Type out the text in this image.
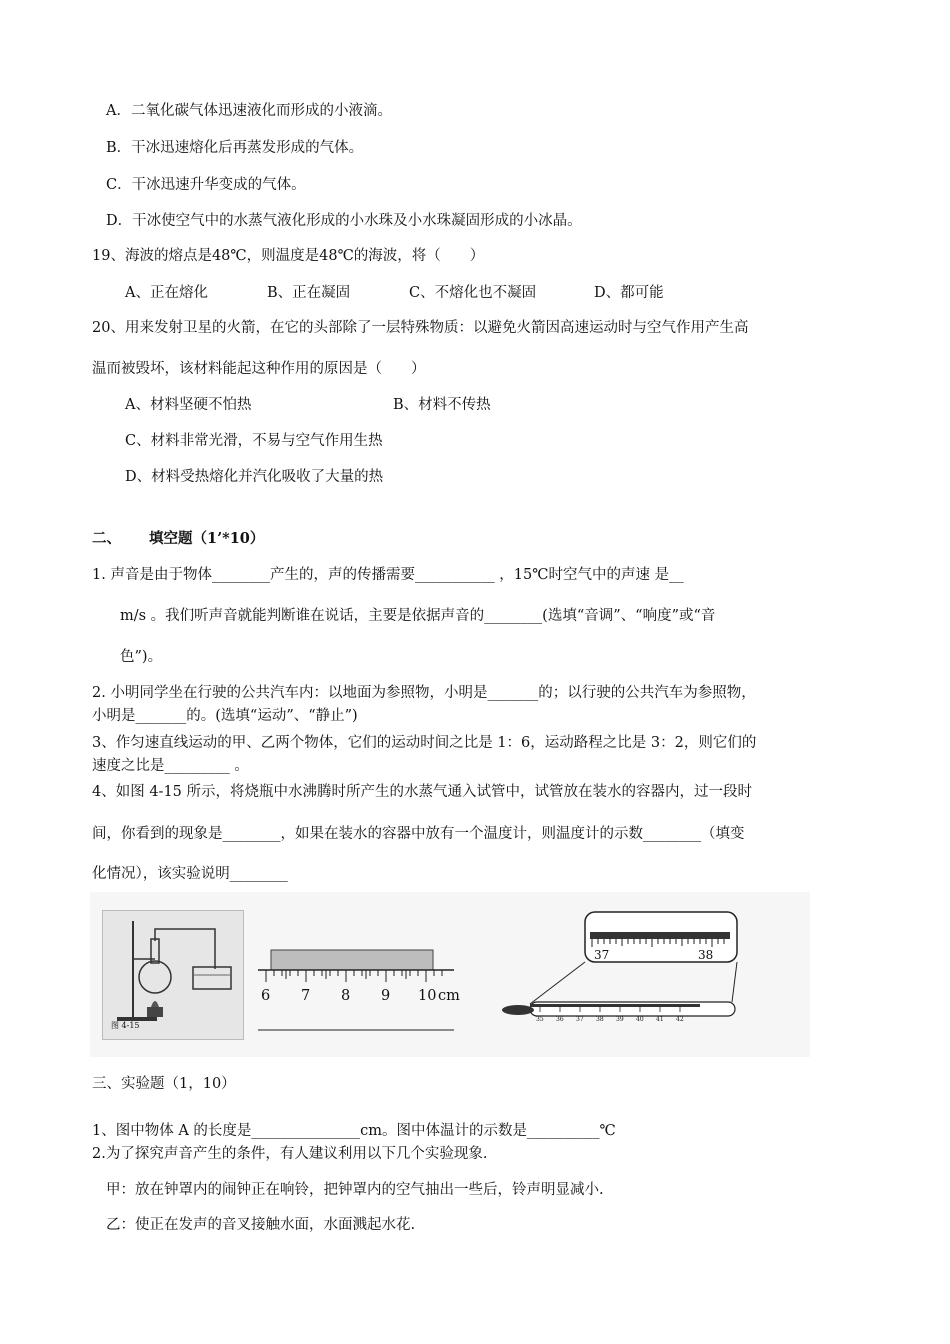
A．二氧化碳气体迅速液化而形成的小液滴。
B．干冰迅速熔化后再蒸发形成的气体。
C．干冰迅速升华变成的气体。
D．干冰使空气中的水蒸气液化形成的小水珠及小水珠凝固形成的小冰晶。
19、海波的熔点是48℃，则温度是48℃的海波，将（　　）
A、正在熔化	B、正在凝固	C、不熔化也不凝固	D、都可能
20、用来发射卫星的火箭，在它的头部除了一层特殊物质：以避免火箭因高速运动时与空气作用产生高
温而被毁坏，该材料能起这种作用的原因是（　　）
A、材料坚硬不怕热	B、材料不传热
C、材料非常光滑，不易与空气作用生热
D、材料受热熔化并汽化吸收了大量的热
二、 填空题（1’*10）
1. 声音是由于物体________产生的，声的传播需要___________ ，15℃时空气中的声速 是__
m/s 。我们听声音就能判断谁在说话，主要是依据声音的________(选填“音调”、“响度”或“音
色”)。
2. 小明同学坐在行驶的公共汽车内：以地面为参照物，小明是_______的；以行驶的公共汽车为参照物，
小明是_______的。(选填“运动”、“静止”)
3、作匀速直线运动的甲、乙两个物体，它们的运动时间之比是 1：6，运动路程之比是 3：2，则它们的
速度之比是_________ 。
4、如图 4-15 所示，将烧瓶中水沸腾时所产生的水蒸气通入试管中，试管放在装水的容器内，过一段时
间，你看到的现象是________，如果在装水的容器中放有一个温度计，则温度计的示数________（填变
化情况），该实验说明________
图 4-15
6 7 8 9 10 cm
37	38
35 36 37 38 39 40 41 42
三、实验题（1，10）
1、图中物体 A 的长度是_______________cm。图中体温计的示数是__________℃
2.为了探究声音产生的条件，有人建议利用以下几个实验现象.
甲：放在钟罩内的闹钟正在响铃，把钟罩内的空气抽出一些后，铃声明显减小.
乙：使正在发声的音叉接触水面，水面溅起水花.
